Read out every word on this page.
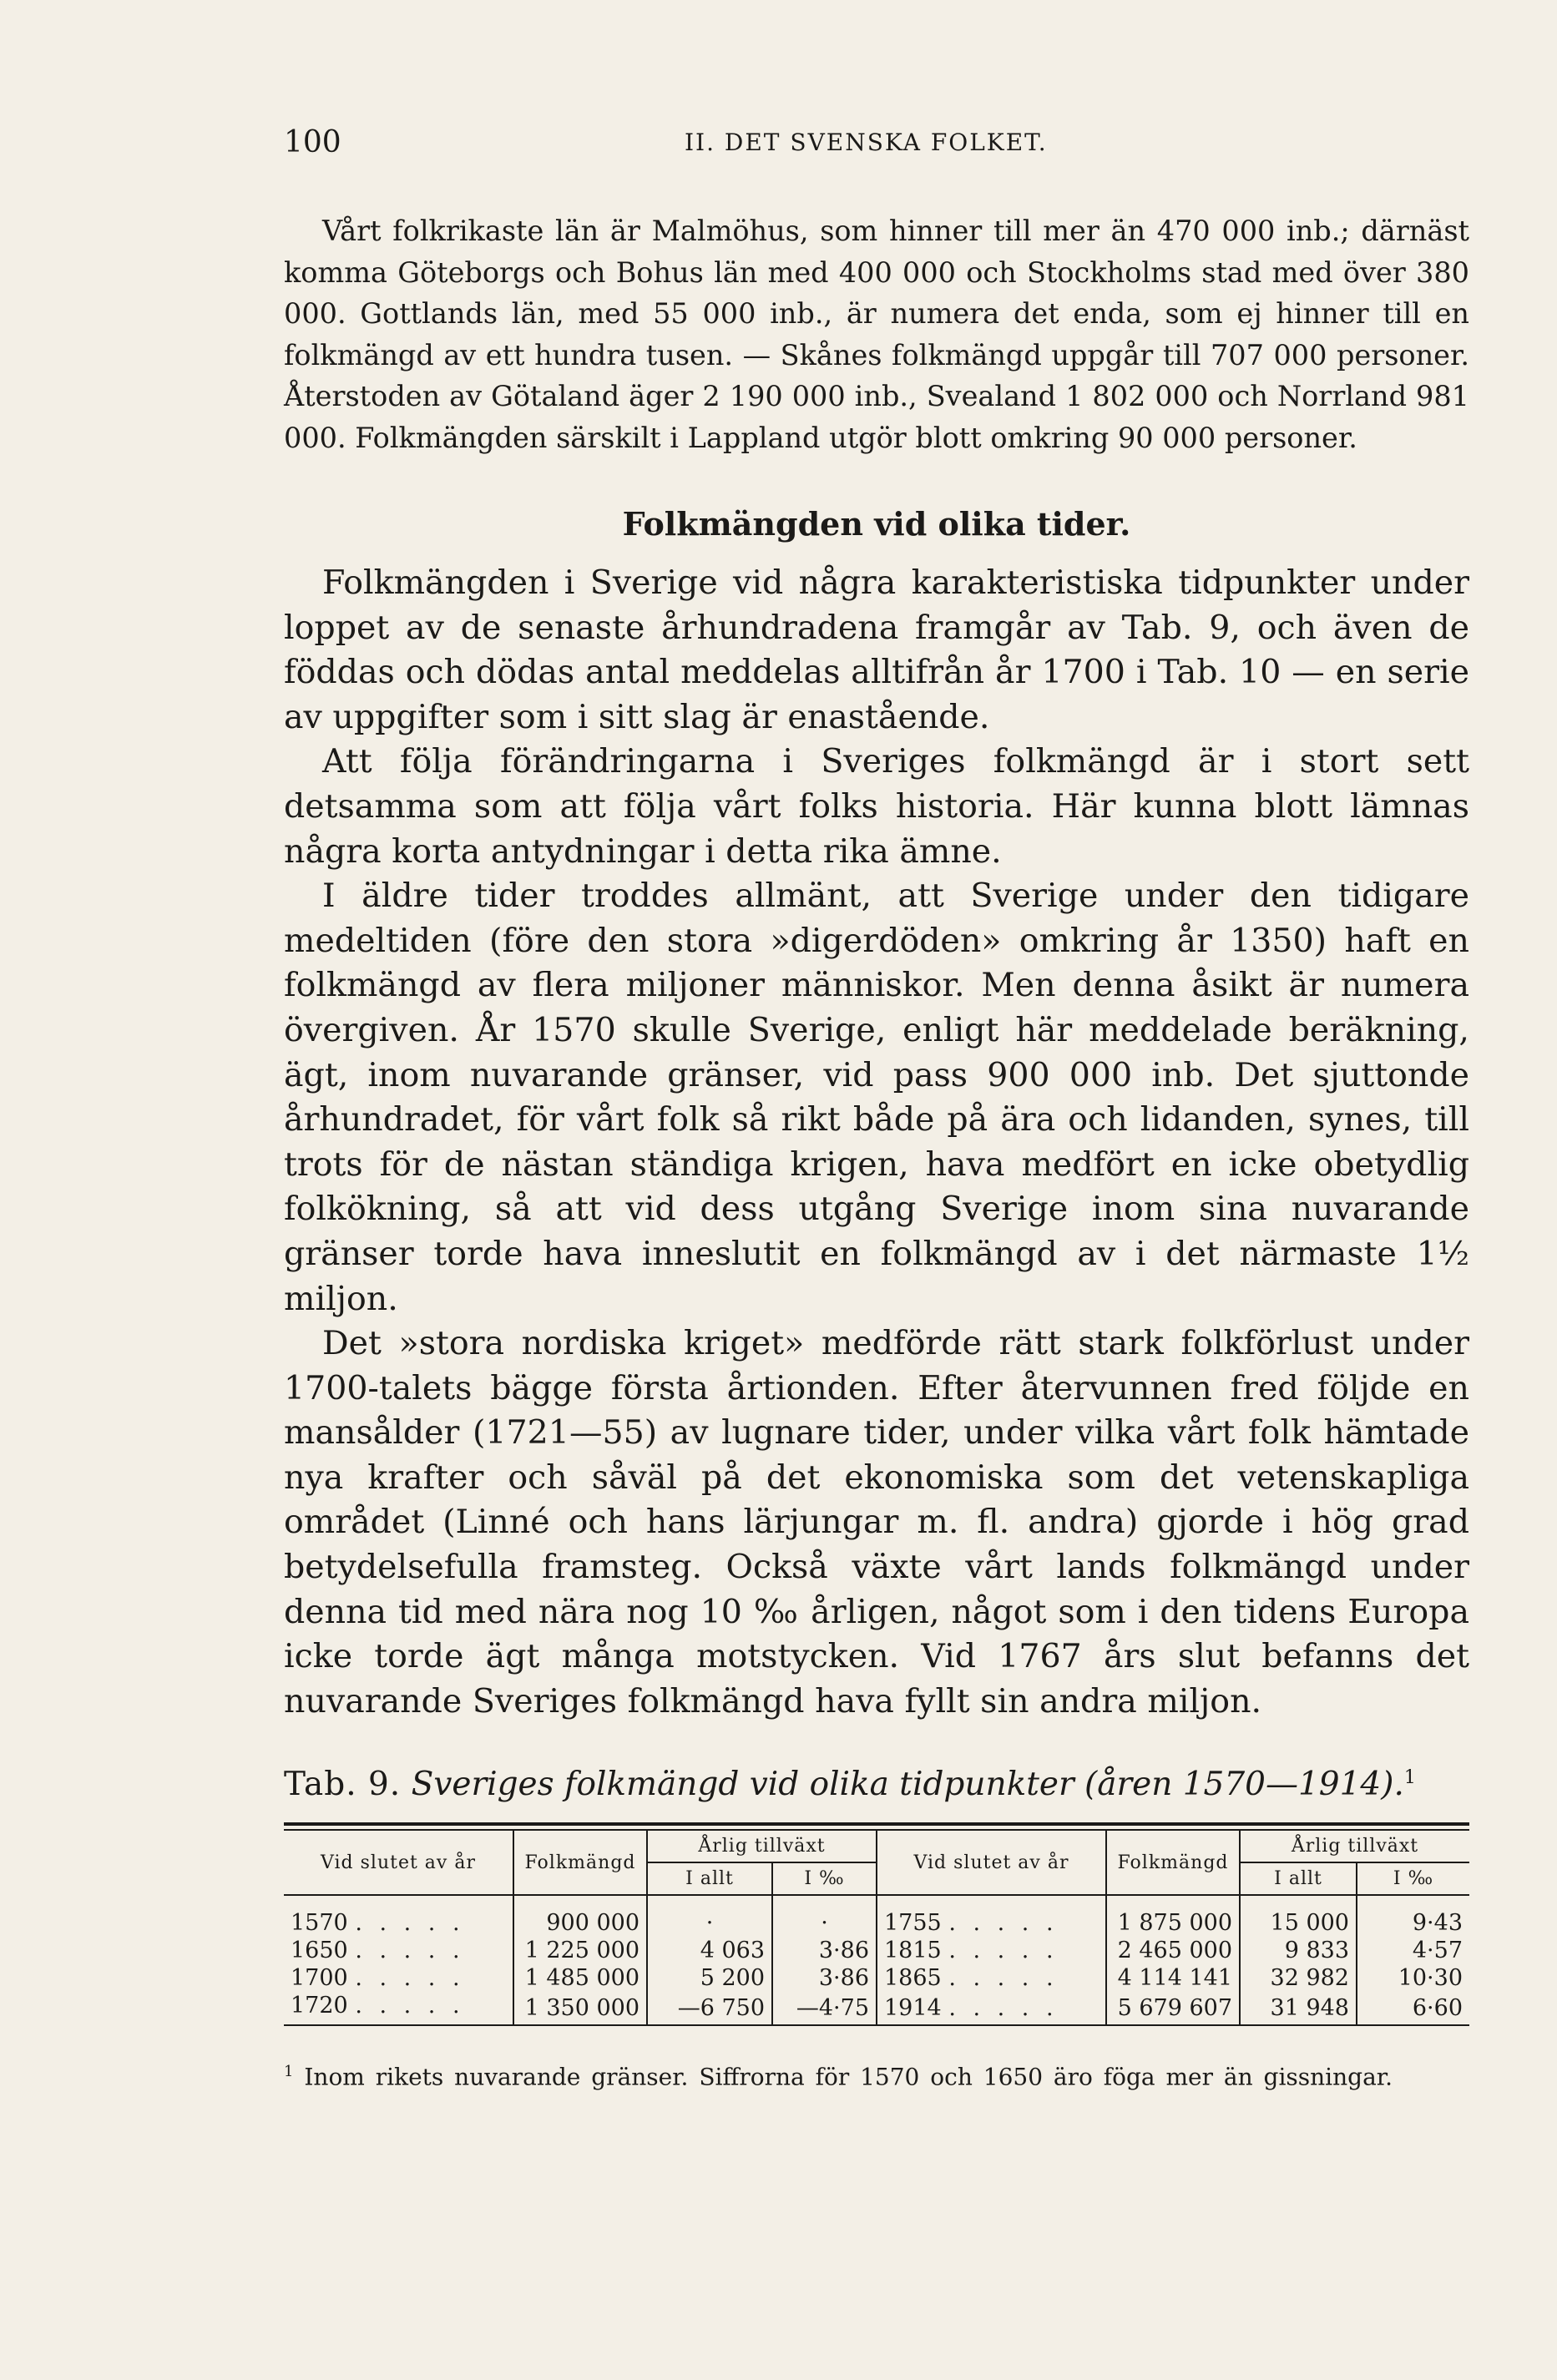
100	II. DET SVENSKA FOLKET.

Vårt folkrikaste län är Malmöhus, som hinner till mer än 470 000 inb.; därnäst komma Göteborgs och Bohus län med 400 000 och Stockholms stad med över 380 000. Gottlands län, med 55 000 inb., är numera det enda, som ej hinner till en folkmängd av ett hundra tusen. — Skånes folkmängd uppgår till 707 000 personer. Återstoden av Götaland äger 2 190 000 inb., Svealand 1 802 000 och Norrland 981 000. Folkmängden särskilt i Lappland utgör blott omkring 90 000 personer.

Folkmängden vid olika tider.

Folkmängden i Sverige vid några karakteristiska tidpunkter under loppet av de senaste århundradena framgår av Tab. 9, och även de föddas och dödas antal meddelas alltifrån år 1700 i Tab. 10 — en serie av uppgifter som i sitt slag är enastående.

Att följa förändringarna i Sveriges folkmängd är i stort sett detsamma som att följa vårt folks historia. Här kunna blott lämnas några korta antydningar i detta rika ämne.

I äldre tider troddes allmänt, att Sverige under den tidigare medeltiden (före den stora »digerdöden» omkring år 1350) haft en folkmängd av flera miljoner människor. Men denna åsikt är numera övergiven. År 1570 skulle Sverige, enligt här meddelade beräkning, ägt, inom nuvarande gränser, vid pass 900 000 inb. Det sjuttonde århundradet, för vårt folk så rikt både på ära och lidanden, synes, till trots för de nästan ständiga krigen, hava medfört en icke obetydlig folkökning, så att vid dess utgång Sverige inom sina nuvarande gränser torde hava inneslutit en folkmängd av i det närmaste 1½ miljon.

Det »stora nordiska kriget» medförde rätt stark folkförlust under 1700-talets bägge första årtionden. Efter återvunnen fred följde en mansålder (1721—55) av lugnare tider, under vilka vårt folk hämtade nya krafter och såväl på det ekonomiska som det vetenskapliga området (Linné och hans lärjungar m. fl. andra) gjorde i hög grad betydelsefulla framsteg. Också växte vårt lands folkmängd under denna tid med nära nog 10 ‰ årligen, något som i den tidens Europa icke torde ägt många motstycken. Vid 1767 års slut befanns det nuvarande Sveriges folkmängd hava fyllt sin andra miljon.

Tab. 9. Sveriges folkmängd vid olika tidpunkter (åren 1570—1914).$^1$
Vid slutet av år	Folkmängd	Årlig tillväxt		Vid slutet av år	Folkmängd	Årlig tillväxt	
		I allt	I ‰			I allt	I ‰
1570 . . . . .	900 000	·	·	1755 . . . . .	1 875 000	15 000	9·43
1650 . . . . .	1 225 000	4 063	3·86	1815 . . . . .	2 465 000	9 833	4·57
1700 . . . . .	1 485 000	5 200	3·86	1865 . . . . .	4 114 141	32 982	10·30
1720 . . . . .	1 350 000	—6 750	—4·75	1914 . . . . .	5 679 607	31 948	6·60
$^1$ Inom rikets nuvarande gränser. Siffrorna för 1570 och 1650 äro föga mer än gissningar.
